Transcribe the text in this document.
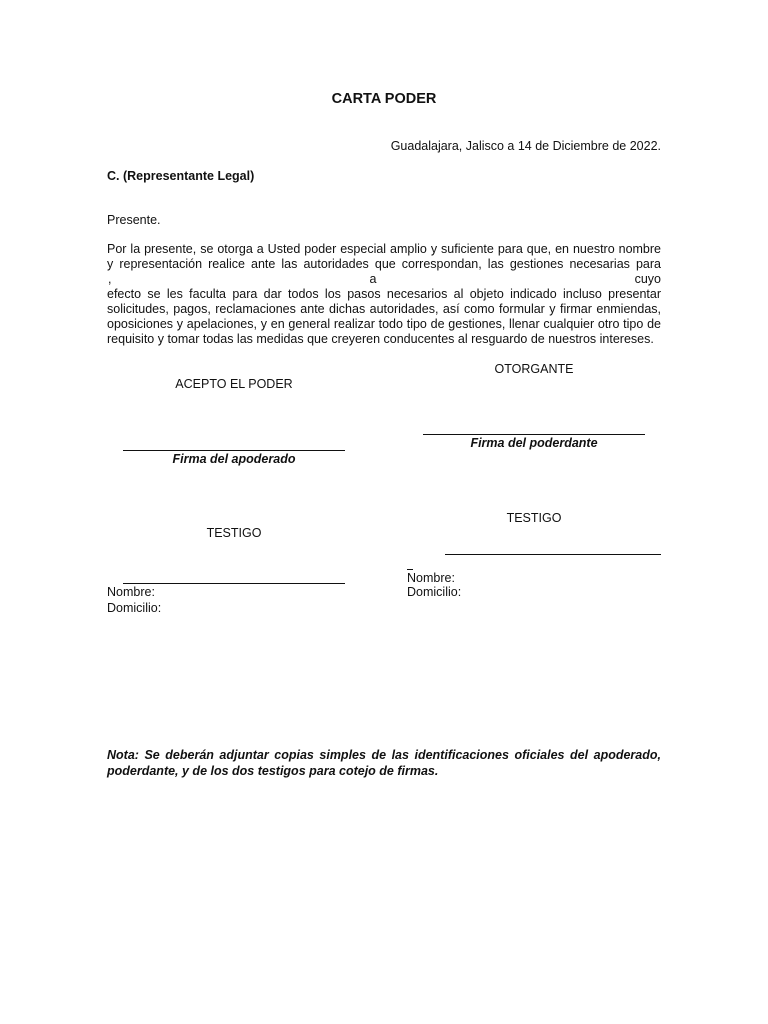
CARTA PODER
Guadalajara, Jalisco a 14 de Diciembre de 2022.
C. (Representante Legal)
Presente.
Por la presente, se otorga a Usted poder especial amplio y suficiente para que, en nuestro nombre
y representación realice ante las autoridades que correspondan, las gestiones necesarias para
, a cuyo
efecto se les faculta para dar todos los pasos necesarios al objeto indicado incluso presentar
solicitudes, pagos, reclamaciones ante dichas autoridades, así como formular y firmar enmiendas,
oposiciones y apelaciones, y en general realizar todo tipo de gestiones, llenar cualquier otro tipo de
requisito y tomar todas las medidas que creyeren conducentes al resguardo de nuestros intereses.
OTORGANTE
Firma del poderdante
ACEPTO EL PODER
Firma del apoderado
TESTIGO
Nombre:
Domicilio:
TESTIGO
Nombre:
Domicilio:
Nota: Se deberán adjuntar copias simples de las identificaciones oficiales del apoderado,
poderdante, y de los dos testigos para cotejo de firmas.
